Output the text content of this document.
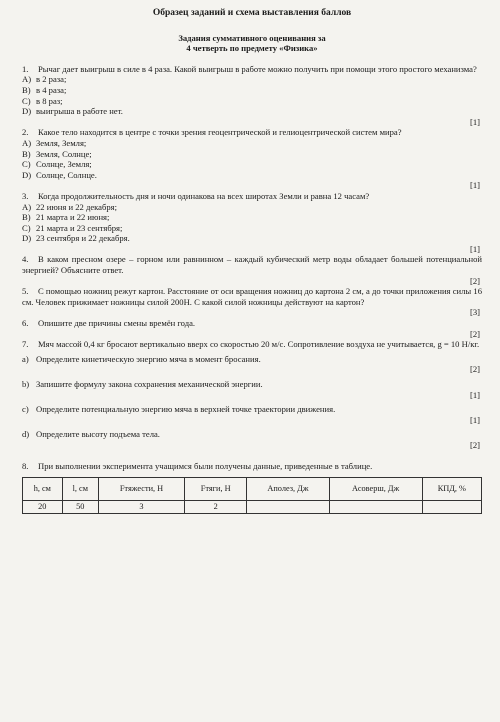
Образец заданий и схема выставления баллов
Задания суммативного оценивания за
4 четверть по предмету «Физика»
1. Рычаг дает выигрыш в силе в 4 раза. Какой выигрыш в работе можно получить при помощи этого простого механизма?
A) в 2 раза;
B) в 4 раза;
C) в 8 раз;
D) выигрыша в работе нет.
[1]
2. Какое тело находится в центре с точки зрения геоцентрической и гелиоцентрической систем мира?
A) Земля, Земля;
B) Земля, Солнце;
C) Солнце, Земля;
D) Солнце, Солнце.
[1]
3. Когда продолжительность дня и ночи одинакова на всех широтах Земли и равна 12 часам?
A) 22 июня и 22 декабря;
B) 21 марта и 22 июня;
C) 21 марта и 23 сентября;
D) 23 сентября и 22 декабря.
[1]
4. В каком пресном озере – горном или равнинном – каждый кубический метр воды обладает большей потенциальной энергией? Объясните ответ.
[2]
5. С помощью ножниц режут картон. Расстояние от оси вращения ножниц до картона 2 см, а до точки приложения силы 16 см. Человек прижимает ножницы силой 200Н. С какой силой ножницы действуют на картон?
[3]
6. Опишите две причины смены времён года.
[2]
7. Мяч массой 0,4 кг бросают вертикально вверх со скоростью 20 м/с. Сопротивление воздуха не учитывается, g = 10 Н/кг.
a) Определите кинетическую энергию мяча в момент бросания.
[2]
b) Запишите формулу закона сохранения механической энергии.
[1]
c) Определите потенциальную энергию мяча в верхней точке траектории движения.
[1]
d) Определите высоту подъема тела.
[2]
8. При выполнении эксперимента учащимся были получены данные, приведенные в таблице.
h, см	l, см	Fтяжести, Н	Fтяги, Н	Аполез, Дж	Асоверш, Дж	КПД, %
20	50	3	2			
